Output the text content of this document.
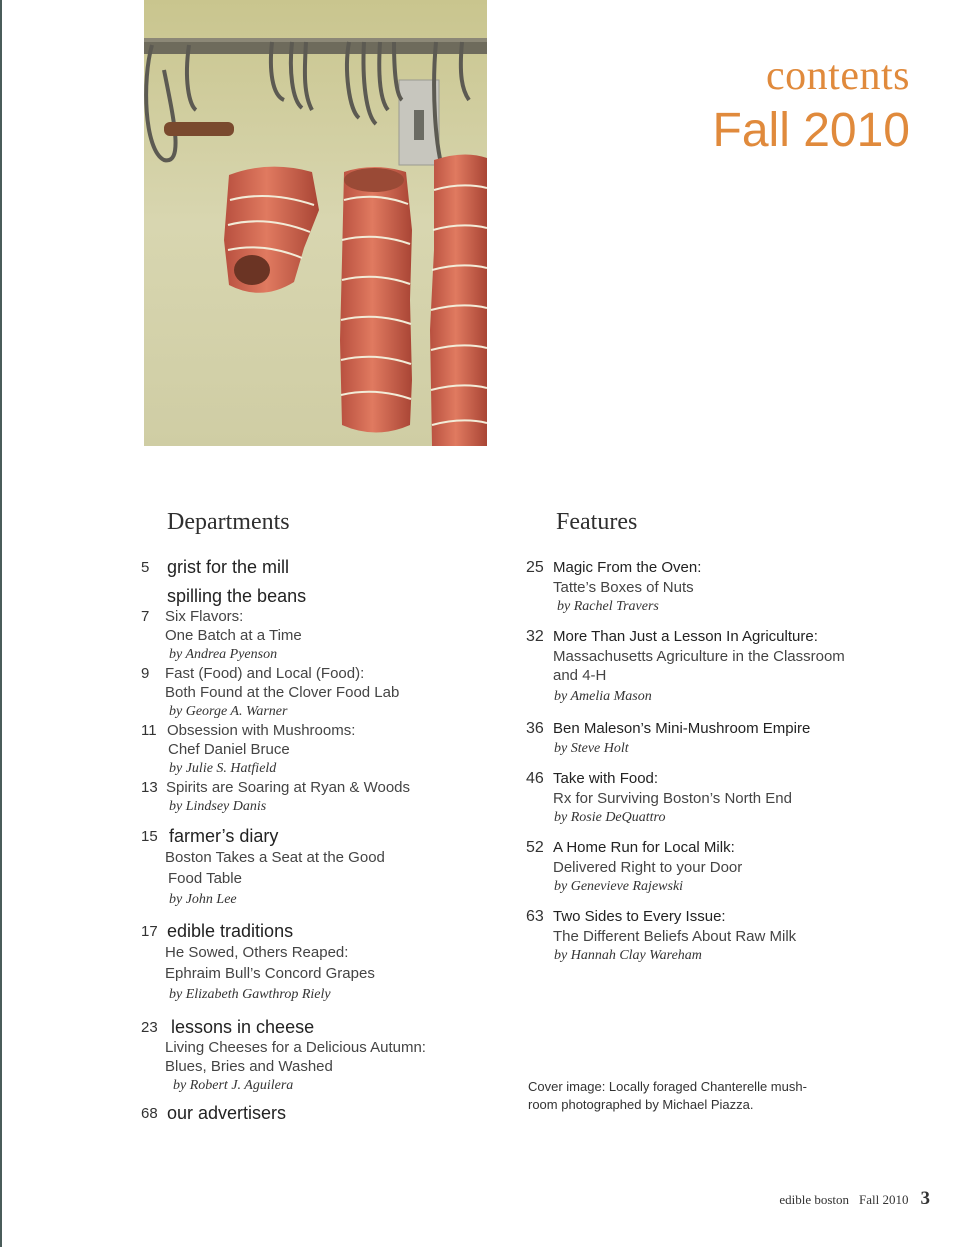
contents
Fall 2010
Departments	Features
5 grist for the mill
spilling the beans
7 Six Flavors:
One Batch at a Time
by Andrea Pyenson
9 Fast (Food) and Local (Food):
Both Found at the Clover Food Lab
by George A. Warner
11 Obsession with Mushrooms:
Chef Daniel Bruce
by Julie S. Hatfield
13 Spirits are Soaring at Ryan & Woods
by Lindsey Danis
15 farmer’s diary
Boston Takes a Seat at the Good
Food Table
by John Lee
17 edible traditions
He Sowed, Others Reaped:
Ephraim Bull’s Concord Grapes
by Elizabeth Gawthrop Riely
23 lessons in cheese
Living Cheeses for a Delicious Autumn:
Blues, Bries and Washed
by Robert J. Aguilera
68 our advertisers
25 Magic From the Oven:
Tatte’s Boxes of Nuts
by Rachel Travers
32 More Than Just a Lesson In Agriculture:
Massachusetts Agriculture in the Classroom
and 4-H
by Amelia Mason
36 Ben Maleson’s Mini-Mushroom Empire
by Steve Holt
46 Take with Food:
Rx for Surviving Boston’s North End
by Rosie DeQuattro
52 A Home Run for Local Milk:
Delivered Right to your Door
by Genevieve Rajewski
63 Two Sides to Every Issue:
The Different Beliefs About Raw Milk
by Hannah Clay Wareham
Cover image: Locally foraged Chanterelle mush-
room photographed by Michael Piazza.
edible boston Fall 2010 3
